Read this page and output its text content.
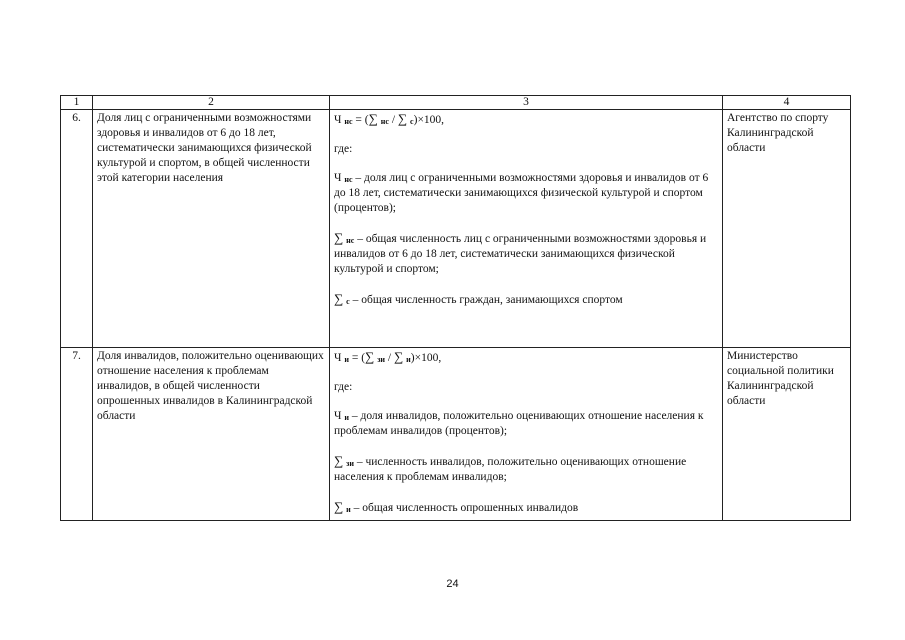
1	2	3	4
6.	Доля лиц с ограниченными возможностями здоровья и инвалидов от 6 до 18 лет, систематически занимающихся физической культурой и спортом, в общей численности этой категории населения	Ч $_{нс}$ = (∑ $_{нс}$ / ∑ $_с$)×100,
где:
Ч $_{нс}$ – доля лиц с ограниченными возможностями здоровья и инвалидов от 6 до 18 лет, систематически занимающихся физической культурой и спортом (процентов);
∑ $_{нс}$ – общая численность лиц с ограниченными возможностями здоровья и инвалидов от 6 до 18 лет, систематически занимающихся физической культурой и спортом;
∑ $_с$ – общая численность граждан, занимающихся спортом	Агентство по спорту Калининградской области
7.	Доля инвалидов, положительно оценивающих отношение населения к проблемам инвалидов, в общей численности опрошенных инвалидов в Калининградской области	Ч $_и$ = (∑ $_{зи}$ / ∑ $_и$)×100,
где:
Ч $_и$ – доля инвалидов, положительно оценивающих отношение населения к проблемам инвалидов (процентов);
∑ $_{зи}$ – численность инвалидов, положительно оценивающих отношение населения к проблемам инвалидов;
∑ $_и$ – общая численность опрошенных инвалидов	Министерство социальной политики Калининградской области
24
